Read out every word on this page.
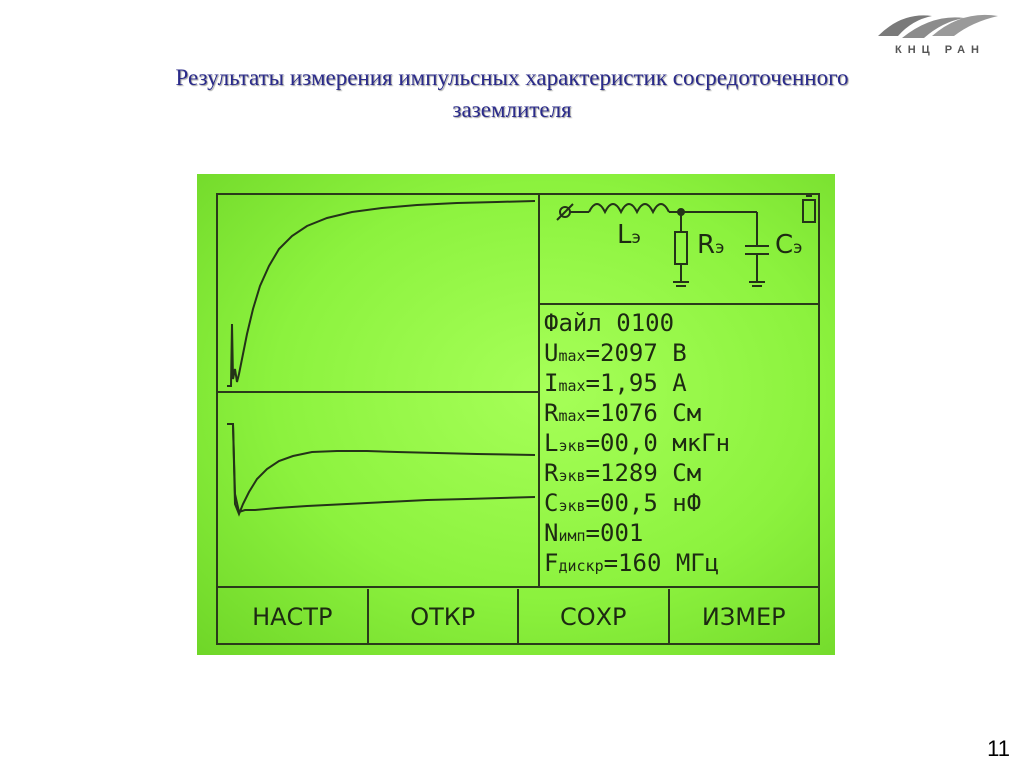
КНЦ РАН
Результаты измерения импульсных характеристик сосредоточенного
заземлителя
Lэ Rэ Cэ
НАСТР	ОТКР	СОХР	ИЗМЕР
Файл 0100
Umax=2097 В
Imax=1,95 А
Rmax=1076 См
Lэкв=00,0 мкГн
Rэкв=1289 См
Cэкв=00,5 нФ
Nимп=001
Fдиcкр=160 МГц
11
